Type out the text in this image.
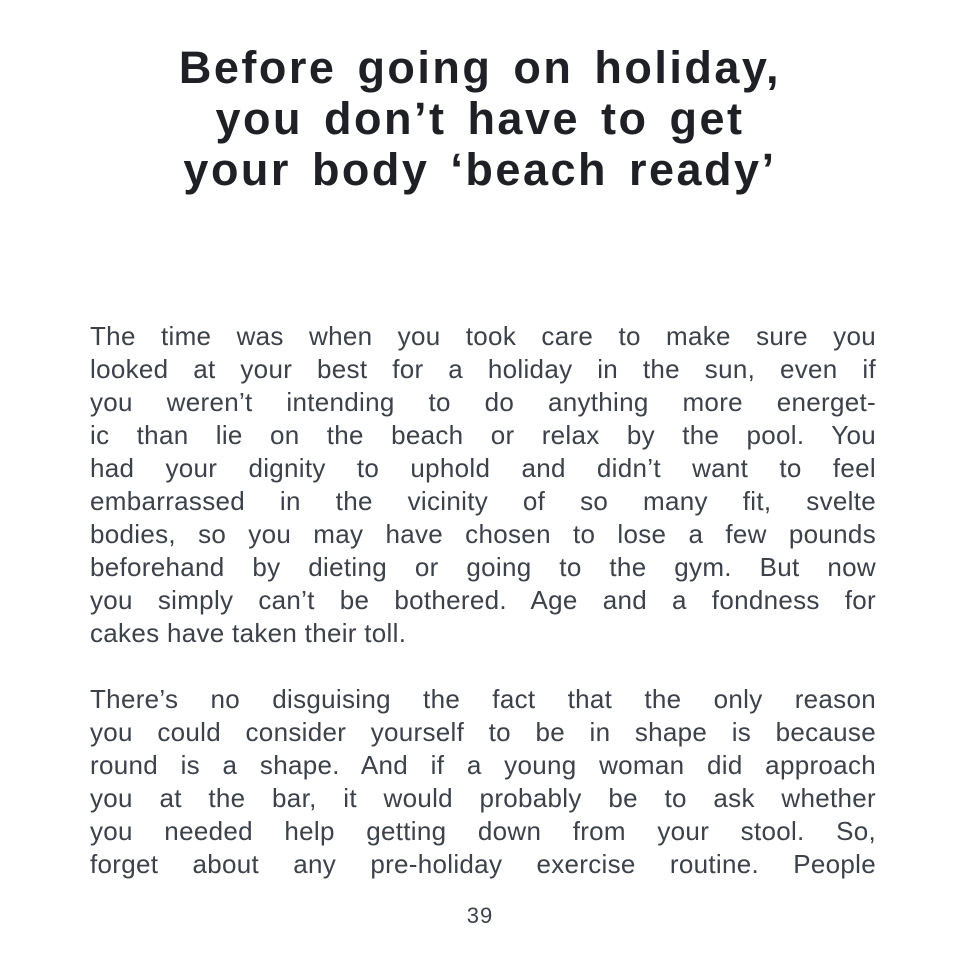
Before going on holiday,
you don’t have to get
your body ‘beach ready’
The time was when you took care to make sure you
looked at your best for a holiday in the sun, even if
you weren’t intending to do anything more energet-
ic than lie on the beach or relax by the pool. You
had your dignity to uphold and didn’t want to feel
embarrassed in the vicinity of so many fit, svelte
bodies, so you may have chosen to lose a few pounds
beforehand by dieting or going to the gym. But now
you simply can’t be bothered. Age and a fondness for
cakes have taken their toll.
There’s no disguising the fact that the only reason
you could consider yourself to be in shape is because
round is a shape. And if a young woman did approach
you at the bar, it would probably be to ask whether
you needed help getting down from your stool. So,
forget about any pre-holiday exercise routine. People
39
